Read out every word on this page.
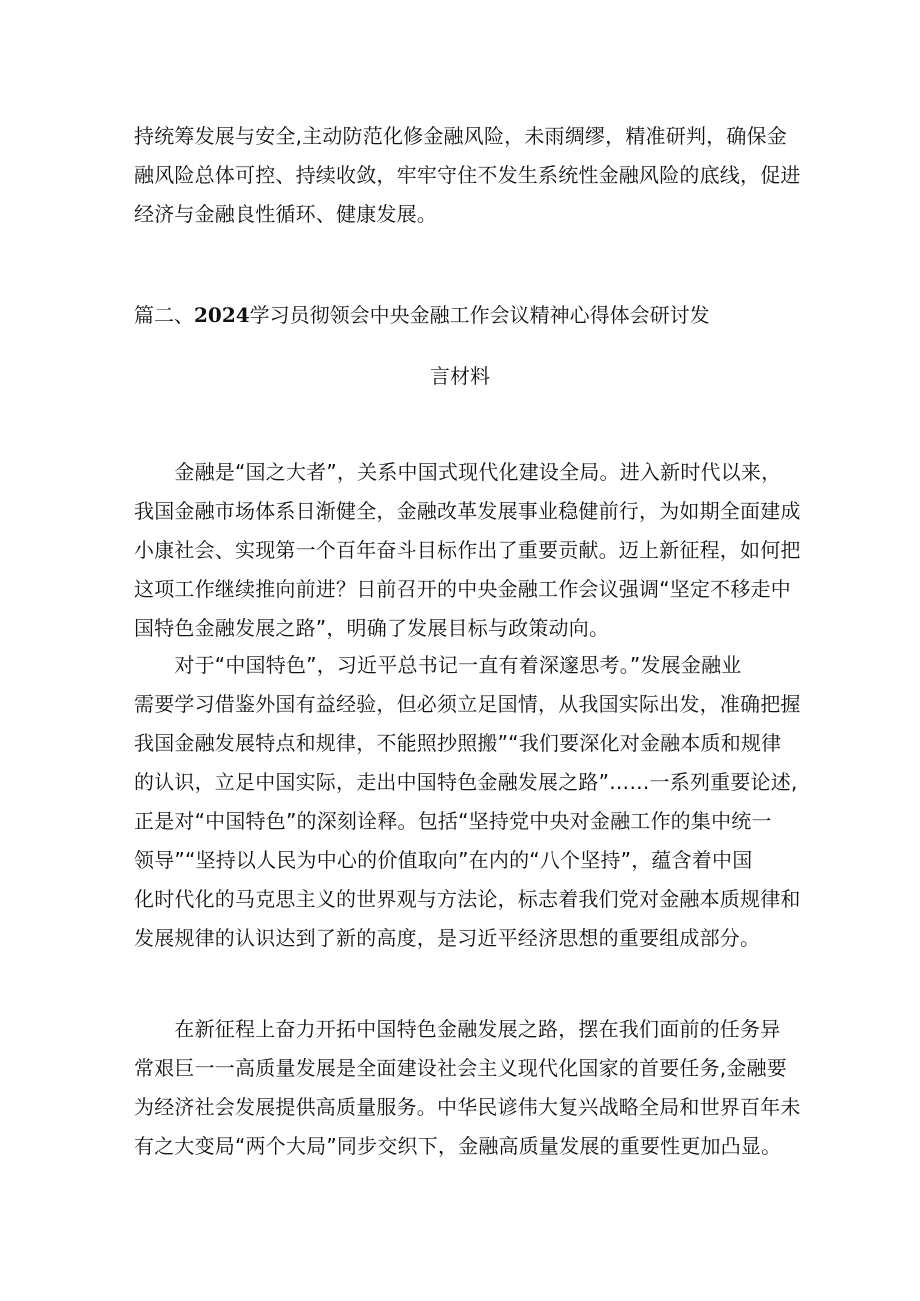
持统筹发展与安全,主动防范化修金融风险，未雨绸缪，精准研判，确保金
融风险总体可控、持续收敛，牢牢守住不发生系统性金融风险的底线，促进
经济与金融良性循环、健康发展。
篇二、2024学习员彻领会中央金融工作会议精神心得体会研讨发
言材料
　　金融是“国之大者”，关系中国式现代化建设全局。进入新时代以来，
我国金融市场体系日渐健全，金融改革发展事业稳健前行，为如期全面建成
小康社会、实现第一个百年奋斗目标作出了重要贡献。迈上新征程，如何把
这项工作继续推向前进？日前召开的中央金融工作会议强调“坚定不移走中
国特色金融发展之路”，明确了发展目标与政策动向。
　　对于“中国特色”，习近平总书记一直有着深邃思考。”发展金融业
需要学习借鉴外国有益经验，但必须立足国情，从我国实际出发，准确把握
我国金融发展特点和规律，不能照抄照搬”“我们要深化对金融本质和规律
的认识，立足中国实际，走出中国特色金融发展之路”……一系列重要论述,
正是对“中国特色”的深刻诠释。包括“坚持党中央对金融工作的集中统一
领导”“坚持以人民为中心的价值取向”在内的“八个坚持”，蕴含着中国
化时代化的马克思主义的世界观与方法论，标志着我们党对金融本质规律和
发展规律的认识达到了新的高度，是习近平经济思想的重要组成部分。
　　在新征程上奋力开拓中国特色金融发展之路，摆在我们面前的任务异
常艰巨一一高质量发展是全面建设社会主义现代化国家的首要任务,金融要
为经济社会发展提供高质量服务。中华民谚伟大复兴战略全局和世界百年未
有之大变局“两个大局”同步交织下，金融高质量发展的重要性更加凸显。
